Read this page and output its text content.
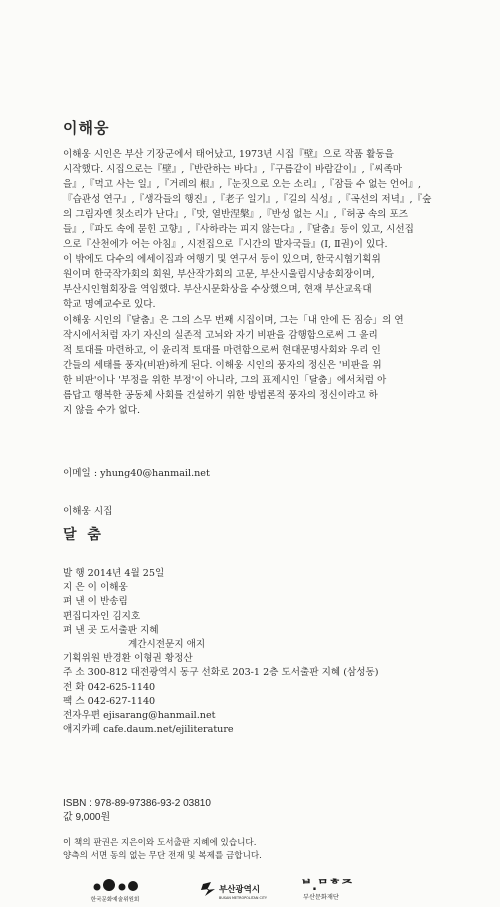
이해웅
이해웅 시인은 부산 기장군에서 태어났고, 1973년 시집『壁』으로 작품 활동을
시작했다. 시집으로는『壁』,『반란하는 바다』,『구름같이 바람같이』,『씨족마
을』,『먹고 사는 일』,『거레의 根』,『눈짓으로 오는 소리』,『잠들 수 없는 언어』,
『습관성 연구』,『생각들의 행진』,『老子 일기』,『길의 식성』,『곡선의 저녁』,『숲
의 그림자엔 칫소리가 난다』,『맛, 열반涅槃』,『반성 없는 시』,『허공 속의 포즈
들』,『파도 속에 묻힌 고향』,『사하라는 피지 않는다』,『달춤』등이 있고, 시선집
으로『산천에가 어는 아침』, 시전집으로『시간의 발자국들』(Ⅰ, Ⅱ권)이 있다.
이 밖에도 다수의 에세이집과 여행기 및 연구서 등이 있으며, 한국시협기획위
원이며 한국작가회의 회원, 부산작가회의 고문, 부산시울림시낭송회장이며,
부산시인협회장을 역임했다. 부산시문화상을 수상했으며, 현재 부산교육대
학교 명예교수로 있다.
이해웅 시인의『달춤』은 그의 스무 번째 시집이며, 그는「내 안에 든 짐승」의 연
작시에서처럼 자기 자신의 실존적 고뇌와 자기 비판을 감행함으로써 그 윤리
적 토대를 마련하고, 이 윤리적 토대를 마련함으로써 현대문명사회와 우리 인
간들의 세태를 풍자(비판)하게 된다. 이해웅 시인의 풍자의 정신은 '비판을 위
한 비판'이나 '부정을 위한 부정'이 아니라, 그의 표제시인「달춤」에서처럼 아
름답고 행복한 공동체 사회를 건설하기 위한 방법론적 풍자의 정신이라고 하
지 않을 수가 없다.
이메일 : yhung40@hanmail.net
이해웅 시집
달 춤
발 행 2014년 4월 25일
지 은 이 이해웅
펴 낸 이 반송림
편집디자인 김지호
펴 낸 곳 도서출판 지혜
계간시전문지 애지
기획위원 반경환 이형권 황정산
주 소 300-812 대전광역시 동구 선화로 203-1 2층 도서출판 지혜 (삼성동)
전 화 042-625-1140
팩 스 042-627-1140
전자우편 ejisarang@hanmail.net
애지카페 cafe.daum.net/ejiliterature
ISBN : 978-89-97386-93-2 03810
값 9,000원
이 책의 판권은 지은이와 도서출판 지혜에 있습니다.
양측의 서면 동의 없는 무단 전재 및 복제를 금합니다.
한국문화예술위원회
부산광역시
BUSAN METROPOLITAN CITY
ᄇ.ᄆᄒᄌ
부산문화재단
